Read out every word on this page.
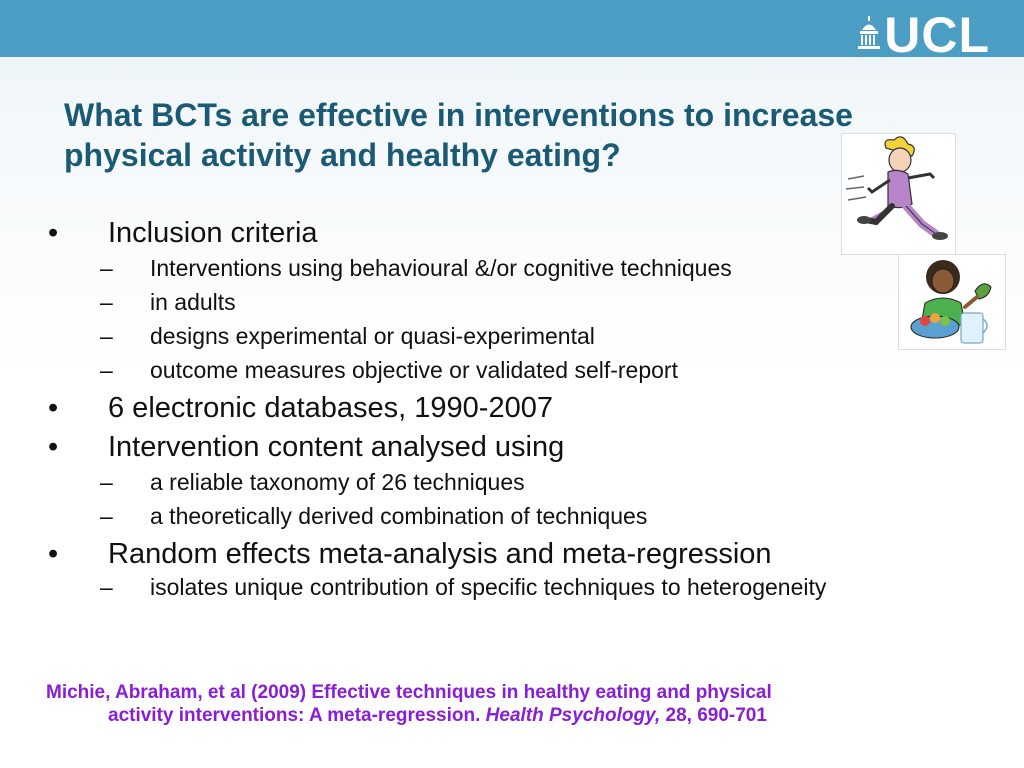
UCL
What BCTs are effective in interventions to increase
physical activity and healthy eating?

• Inclusion criteria

– Interventions using behavioural &/or cognitive techniques

– in adults

– designs experimental or quasi-experimental

– outcome measures objective or validated self-report

• 6 electronic databases, 1990-2007

• Intervention content analysed using

– a reliable taxonomy of 26 techniques

– a theoretically derived combination of techniques

• Random effects meta-analysis and meta-regression

– isolates unique contribution of specific techniques to heterogeneity

Michie, Abraham, et al (2009) Effective techniques in healthy eating and physical
activity interventions: A meta-regression. Health Psychology, 28, 690-701
